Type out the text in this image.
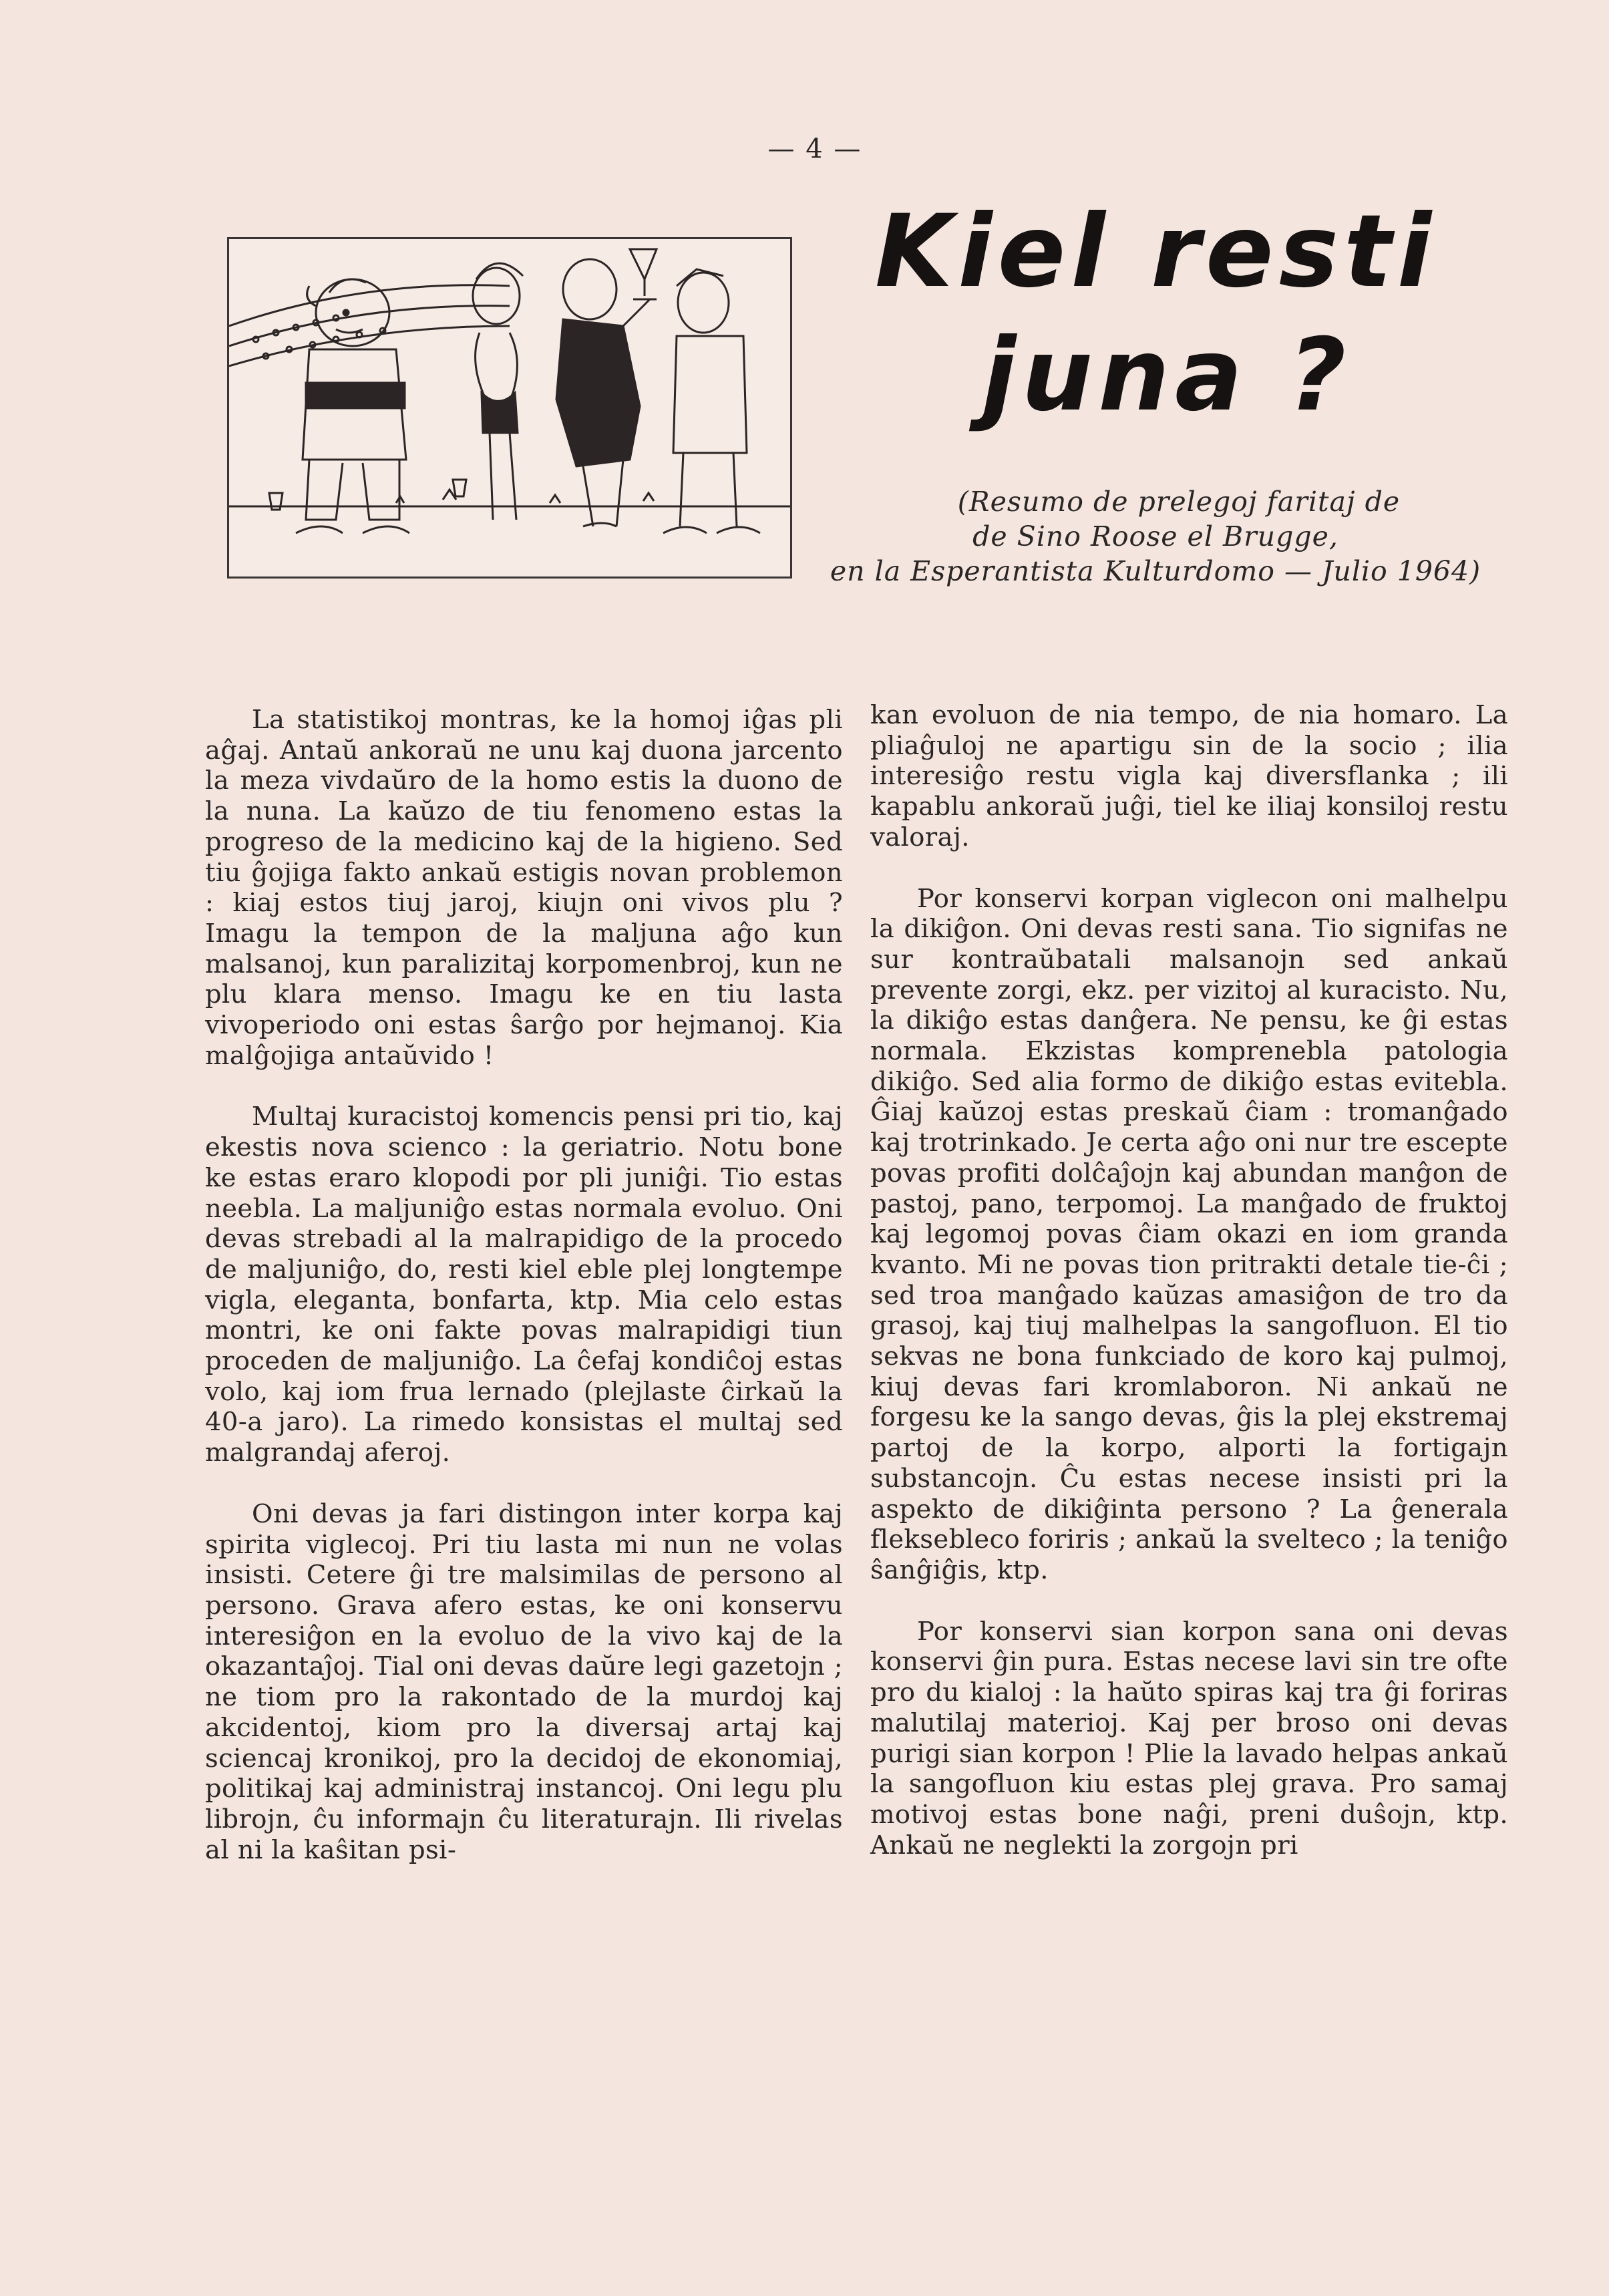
— 4 —
Kiel resti
juna ?
(Resumo de prelegoj faritaj de
de Sino Roose el Brugge,
en la Esperantista Kulturdomo — Julio 1964)

La statistikoj montras, ke la homoj iĝas pli aĝaj. Antaŭ ankoraŭ ne unu kaj duona jarcento la meza vivdaŭro de la homo estis la duono de la nuna. La kaŭzo de tiu fenomeno estas la progreso de la medicino kaj de la higieno. Sed tiu ĝojiga fakto ankaŭ estigis novan problemon : kiaj estos tiuj jaroj, kiujn oni vivos plu ? Imagu la tempon de la maljuna aĝo kun malsanoj, kun paralizitaj korpomenbroj, kun ne plu klara menso. Imagu ke en tiu lasta vivoperiodo oni estas ŝarĝo por hejmanoj. Kia malĝojiga antaŭvido !

Multaj kuracistoj komencis pensi pri tio, kaj ekestis nova scienco : la geriatrio. Notu bone ke estas eraro klopodi por pli juniĝi. Tio estas neebla. La maljuniĝo estas normala evoluo. Oni devas strebadi al la malrapidigo de la procedo de maljuniĝo, do, resti kiel eble plej longtempe vigla, eleganta, bonfarta, ktp. Mia celo estas montri, ke oni fakte povas malrapidigi tiun proceden de maljuniĝo. La ĉefaj kondiĉoj estas volo, kaj iom frua lernado (plejlaste ĉirkaŭ la 40-a jaro). La rimedo konsistas el multaj sed malgrandaj aferoj.

Oni devas ja fari distingon inter korpa kaj spirita viglecoj. Pri tiu lasta mi nun ne volas insisti. Cetere ĝi tre malsimilas de persono al persono. Grava afero estas, ke oni konservu interesiĝon en la evoluo de la vivo kaj de la okazantaĵoj. Tial oni devas daŭre legi gazetojn ; ne tiom pro la rakontado de la murdoj kaj akcidentoj, kiom pro la diversaj artaj kaj sciencaj kronikoj, pro la decidoj de ekonomiaj, politikaj kaj administraj instancoj. Oni legu plu librojn, ĉu informajn ĉu literaturajn. Ili rivelas al ni la kaŝitan psi-

kan evoluon de nia tempo, de nia homaro. La pliaĝuloj ne apartigu sin de la socio ; ilia interesiĝo restu vigla kaj diversflanka ; ili kapablu ankoraŭ juĝi, tiel ke iliaj konsiloj restu valoraj.

Por konservi korpan viglecon oni malhelpu la dikiĝon. Oni devas resti sana. Tio signifas ne sur kontraŭbatali malsanojn sed ankaŭ prevente zorgi, ekz. per vizitoj al kuracisto. Nu, la dikiĝo estas danĝera. Ne pensu, ke ĝi estas normala. Ekzistas komprenebla patologia dikiĝo. Sed alia formo de dikiĝo estas evitebla. Ĝiaj kaŭzoj estas preskaŭ ĉiam : tromanĝado kaj trotrinkado. Je certa aĝo oni nur tre escepte povas profiti dolĉaĵojn kaj abundan manĝon de pastoj, pano, terpomoj. La manĝado de fruktoj kaj legomoj povas ĉiam okazi en iom granda kvanto. Mi ne povas tion pritrakti detale tie-ĉi ; sed troa manĝado kaŭzas amasiĝon de tro da grasoj, kaj tiuj malhelpas la sangofluon. El tio sekvas ne bona funkciado de koro kaj pulmoj, kiuj devas fari kromlaboron. Ni ankaŭ ne forgesu ke la sango devas, ĝis la plej ekstremaj partoj de la korpo, alporti la fortigajn substancojn. Ĉu estas necese insisti pri la aspekto de dikiĝinta persono ? La ĝenerala fleksebleco foriris ; ankaŭ la svelteco ; la teniĝo ŝanĝiĝis, ktp.

Por konservi sian korpon sana oni devas konservi ĝin pura. Estas necese lavi sin tre ofte pro du kialoj : la haŭto spiras kaj tra ĝi foriras malutilaj materioj. Kaj per broso oni devas purigi sian korpon ! Plie la lavado helpas ankaŭ la sangofluon kiu estas plej grava. Pro samaj motivoj estas bone naĝi, preni duŝojn, ktp. Ankaŭ ne neglekti la zorgojn pri
